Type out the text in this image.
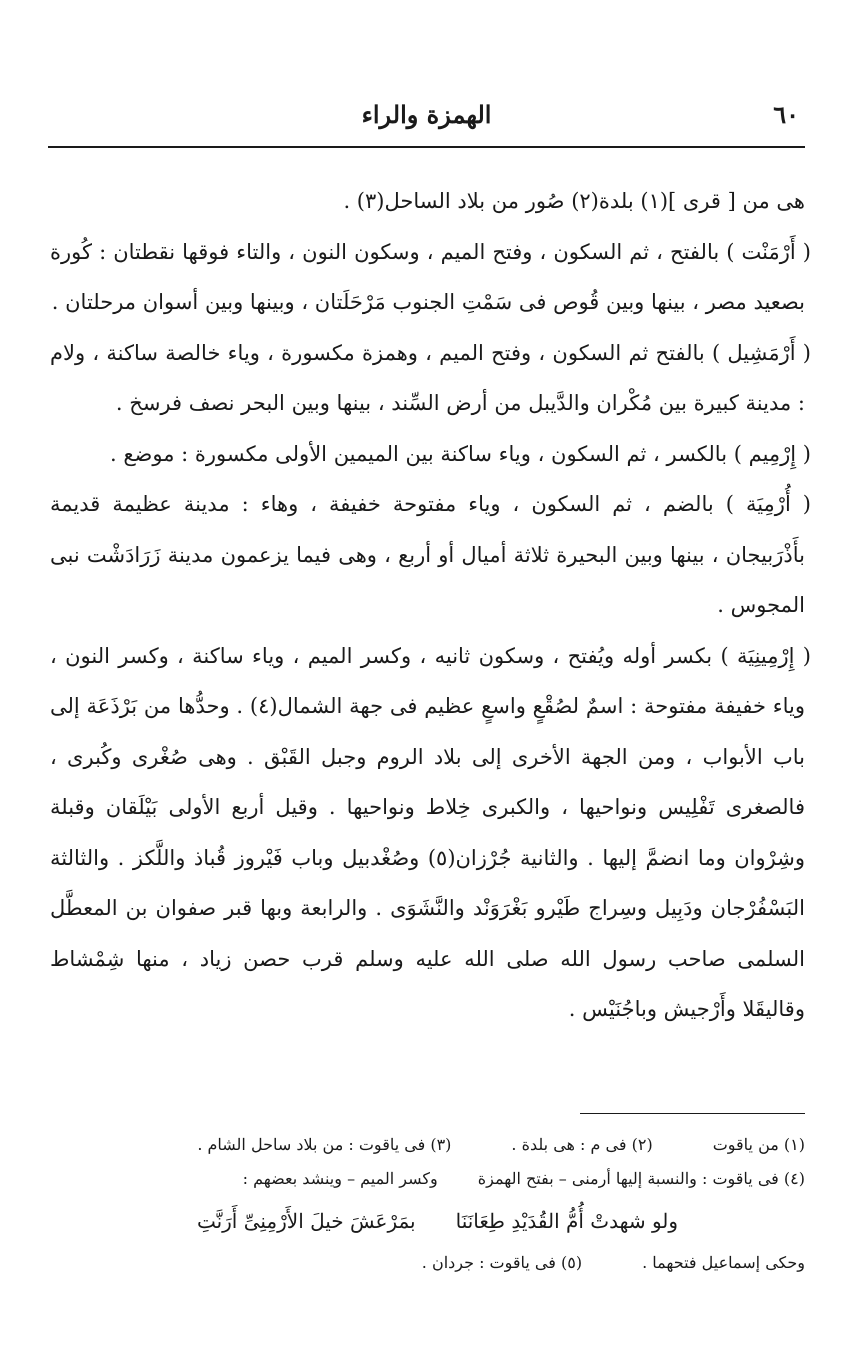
٦٠
الهمزة والراء

هى من [ قرى ](١) بلدة(٢) صُور من بلاد الساحل(٣) .

( أَرْمَنْت ) بالفتح ، ثم السكون ، وفتح الميم ، وسكون النون ، والتاء فوقها نقطتان : كُورة بصعيد مصر ، بينها وبين قُوص فى سَمْتِ الجنوب مَرْحَلَتان ، وبينها وبين أسوان مرحلتان .

( أَرْمَشِيل ) بالفتح ثم السكون ، وفتح الميم ، وهمزة مكسورة ، وياء خالصة ساكنة ، ولام : مدينة كبيرة بين مُكْران والدَّيبل من أرض السِّند ، بينها وبين البحر نصف فرسخ .

( إِرْمِيم ) بالكسر ، ثم السكون ، وياء ساكنة بين الميمين الأولى مكسورة : موضع .

( أُرْمِيَة ) بالضم ، ثم السكون ، وياء مفتوحة خفيفة ، وهاء : مدينة عظيمة قديمة بأَذْرَبيجان ، بينها وبين البحيرة ثلاثة أميال أو أربع ، وهى فيما يزعمون مدينة زَرَادَشْت نبى المجوس .

( إِرْمِينِيَة ) بكسر أوله ويُفتح ، وسكون ثانيه ، وكسر الميم ، وياء ساكنة ، وكسر النون ، وياء خفيفة مفتوحة : اسمٌ لصُقْعٍ واسعٍ عظيم فى جهة الشمال(٤) . وحدُّها من بَرْذَعَة إلى باب الأبواب ، ومن الجهة الأخرى إلى بلاد الروم وجبل القَبْق . وهى صُغْرى وكُبرى ، فالصغرى تَفْلِيس ونواحيها ، والكبرى خِلاط ونواحيها . وقيل أربع الأولى بَيْلَقان وقبلة وشِرْوان وما انضمَّ إليها . والثانية جُرْزان(٥) وصُغْدبيل وباب فَيْروز قُباذ واللَّكز . والثالثة البَسْفُرْجان ودَبِيل وسِراج طَيْرو بَغْرَوَنْد والنَّشَوَى . والرابعة وبها قبر صفوان بن المعطَّل السلمى صاحب رسول الله صلى الله عليه وسلم قرب حصن زياد ، منها شِمْشاط وقاليقَلا وأَرْجيش وباجُنَيْس .

(١) من ياقوت
(٢) فى م : هى بلدة .
(٣) فى ياقوت : من بلاد ساحل الشام .
(٤) فى ياقوت : والنسبة إليها أرمنى – بفتح الهمزة
وكسر الميم – وينشد بعضهم :
ولو شهدتْ أُمُّ القُدَيْدِ طِعَانَنَا
بمَرْعَشَ خيلَ الأَرْمِنِىِّ أَرَنَّتِ
وحكى إسماعيل فتحهما .
(٥) فى ياقوت : جردان .
